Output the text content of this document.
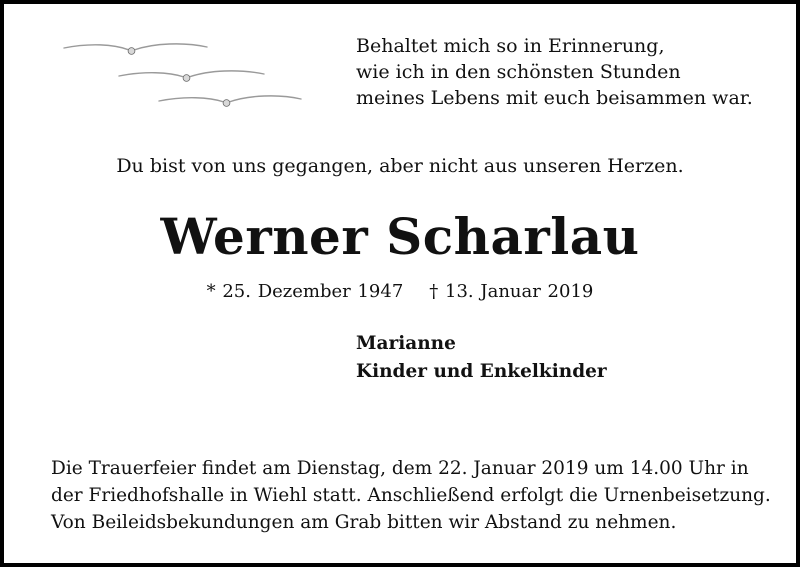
Behaltet mich so in Erinnerung,
wie ich in den schönsten Stunden
meines Lebens mit euch beisammen war.
Du bist von uns gegangen, aber nicht aus unseren Herzen.
Werner Scharlau
* 25. Dezember 1947 † 13. Januar 2019
Marianne
Kinder und Enkelkinder
Die Trauerfeier findet am Dienstag, dem 22. Januar 2019 um 14.00 Uhr in
der Friedhofshalle in Wiehl statt. Anschließend erfolgt die Urnenbeisetzung.
Von Beileidsbekundungen am Grab bitten wir Abstand zu nehmen.
